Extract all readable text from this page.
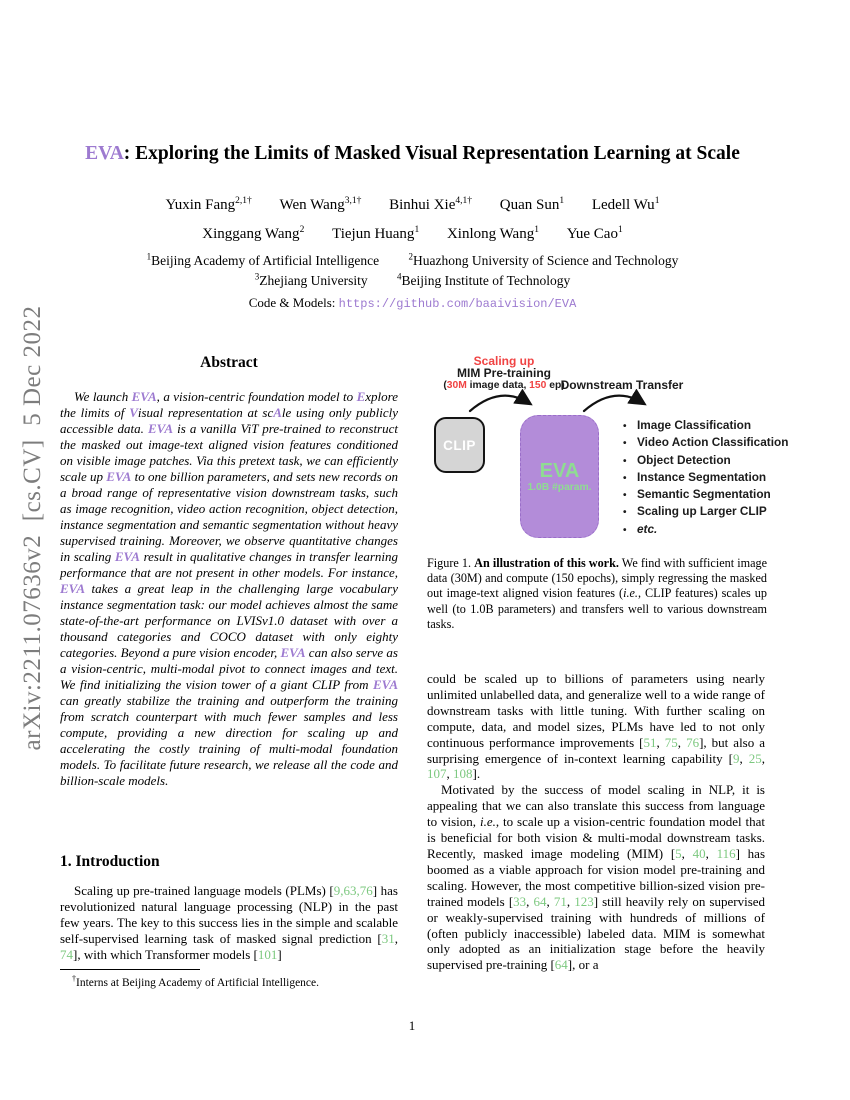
arXiv:2211.07636v2  [cs.CV]  5 Dec 2022
EVA: Exploring the Limits of Masked Visual Representation Learning at Scale
Yuxin Fang$^{2,1\dagger}$ Wen Wang$^{3,1\dagger}$ Binhui Xie$^{4,1\dagger}$ Quan Sun$^1$ Ledell Wu$^1$
Xinggang Wang$^2$ Tiejun Huang$^1$ Xinlong Wang$^1$ Yue Cao$^1$
$^1$Beijing Academy of Artificial Intelligence	$^2$Huazhong University of Science and Technology
$^3$Zhejiang University	$^4$Beijing Institute of Technology
Code & Models: https://github.com/baaivision/EVA
Abstract

We launch EVA, a vision-centric foundation model to Explore the limits of Visual representation at scAle using only publicly accessible data. EVA is a vanilla ViT pre-trained to reconstruct the masked out image-text aligned vision features conditioned on visible image patches. Via this pretext task, we can efficiently scale up EVA to one billion parameters, and sets new records on a broad range of representative vision downstream tasks, such as image recognition, video action recognition, object detection, instance segmentation and semantic segmentation without heavy supervised training. Moreover, we observe quantitative changes in scaling EVA result in qualitative changes in transfer learning performance that are not present in other models. For instance, EVA takes a great leap in the challenging large vocabulary instance segmentation task: our model achieves almost the same state-of-the-art performance on LVISv1.0 dataset with over a thousand categories and COCO dataset with only eighty categories. Beyond a pure vision encoder, EVA can also serve as a vision-centric, multi-modal pivot to connect images and text. We find initializing the vision tower of a giant CLIP from EVA can greatly stabilize the training and outperform the training from scratch counterpart with much fewer samples and less compute, providing a new direction for scaling up and accelerating the costly training of multi-modal foundation models. To facilitate future research, we release all the code and billion-scale models.

1. Introduction

Scaling up pre-trained language models (PLMs) [9,63,76] has revolutionized natural language processing (NLP) in the past few years. The key to this success lies in the simple and scalable self-supervised learning task of masked signal prediction [31, 74], with which Transformer models [101]

†Interns at Beijing Academy of Artificial Intelligence.
Scaling up
MIM Pre-training
(30M image data, 150 ep)
Downstream Transfer
CLIP
EVA
1.0B #param.
• Image Classification
• Video Action Classification
• Object Detection
• Instance Segmentation
• Semantic Segmentation
• Scaling up Larger CLIP
• etc.
Figure 1. An illustration of this work. We find with sufficient image data (30M) and compute (150 epochs), simply regressing the masked out image-text aligned vision features (i.e., CLIP features) scales up well (to 1.0B parameters) and transfers well to various downstream tasks.

could be scaled up to billions of parameters using nearly unlimited unlabelled data, and generalize well to a wide range of downstream tasks with little tuning. With further scaling on compute, data, and model sizes, PLMs have led to not only continuous performance improvements [51, 75, 76], but also a surprising emergence of in-context learning capability [9, 25, 107, 108].

Motivated by the success of model scaling in NLP, it is appealing that we can also translate this success from language to vision, i.e., to scale up a vision-centric foundation model that is beneficial for both vision & multi-modal downstream tasks. Recently, masked image modeling (MIM) [5, 40, 116] has boomed as a viable approach for vision model pre-training and scaling. However, the most competitive billion-sized vision pre-trained models [33, 64, 71, 123] still heavily rely on supervised or weakly-supervised training with hundreds of millions of (often publicly inaccessible) labeled data. MIM is somewhat only adopted as an initialization stage before the heavily supervised pre-training [64], or a

1
